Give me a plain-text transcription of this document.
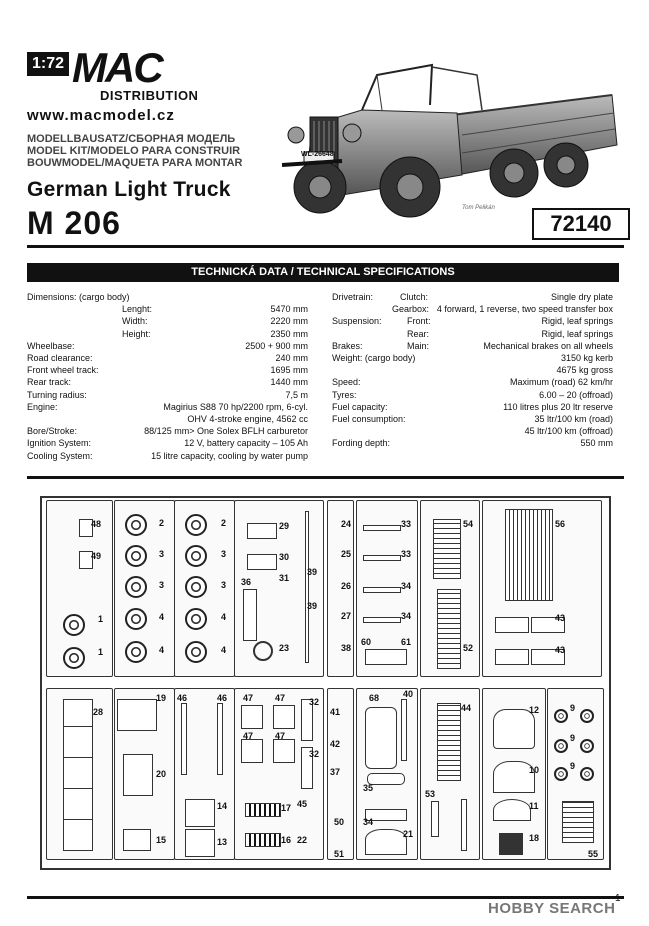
1:72 MAC
DISTRIBUTION
www.macmodel.cz
MODELLBAUSATZ/СБОРНАЯ МОДЕЛЬ
MODEL KIT/MODELO PARA CONSTRUIR
BOUWMODEL/MAQUETA PARA MONTAR
German Light Truck
M 206
WL-26648
Tom Pelikán
72140
TECHNICKÁ DATA / TECHNICAL SPECIFICATIONS
Dimensions: (cargo body)
Lenght:	5470 mm
Width:	2220 mm
Height:	2350 mm
Wheelbase:	2500 + 900 mm
Road clearance:	240 mm
Front wheel track:	1695 mm
Rear track:	1440 mm
Turning radius:	7,5 m
Engine:	Magirius S88 70 hp/2200 rpm, 6-cyl.
OHV 4-stroke engine, 4562 cc
Bore/Stroke:	88/125 mm> One Solex BFLH carburetor
Ignition System:	12 V, battery capacity – 105 Ah
Cooling System:	15 litre capacity, cooling by water pump
Drivetrain:	Clutch:	Single dry plate
Gearbox: 4 forward, 1 reverse, two speed transfer box
Suspension:	Front:	Rigid, leaf springs
Rear:	Rigid, leaf springs
Brakes:	Main:	Mechanical brakes on all wheels
Weight: (cargo body)	3150 kg kerb
4675 kg gross
Speed:	Maximum (road) 62 km/hr
Tyres:	6.00 – 20 (offroad)
Fuel capacity:	110 litres plus 20 ltr reserve
Fuel consumption:	35 ltr/100 km (road)
45 ltr/100 km (offroad)
Fording depth:	550 mm
48
49
1
1
2
3
3
4
4
2
3
3
4
4
29
30
36	31
39
39
23
24
25
26
27
38
33
33
34
34
60	61
54
52
56
43
43
28
19
20
15
46	46
14
13
47 47
47 47
17
16
32
32
45
22
41
42
37
50
51
68	40
35
34
21
44
53
12
10
11
18
9
9
9
55
1
HOBBY SEARCH
